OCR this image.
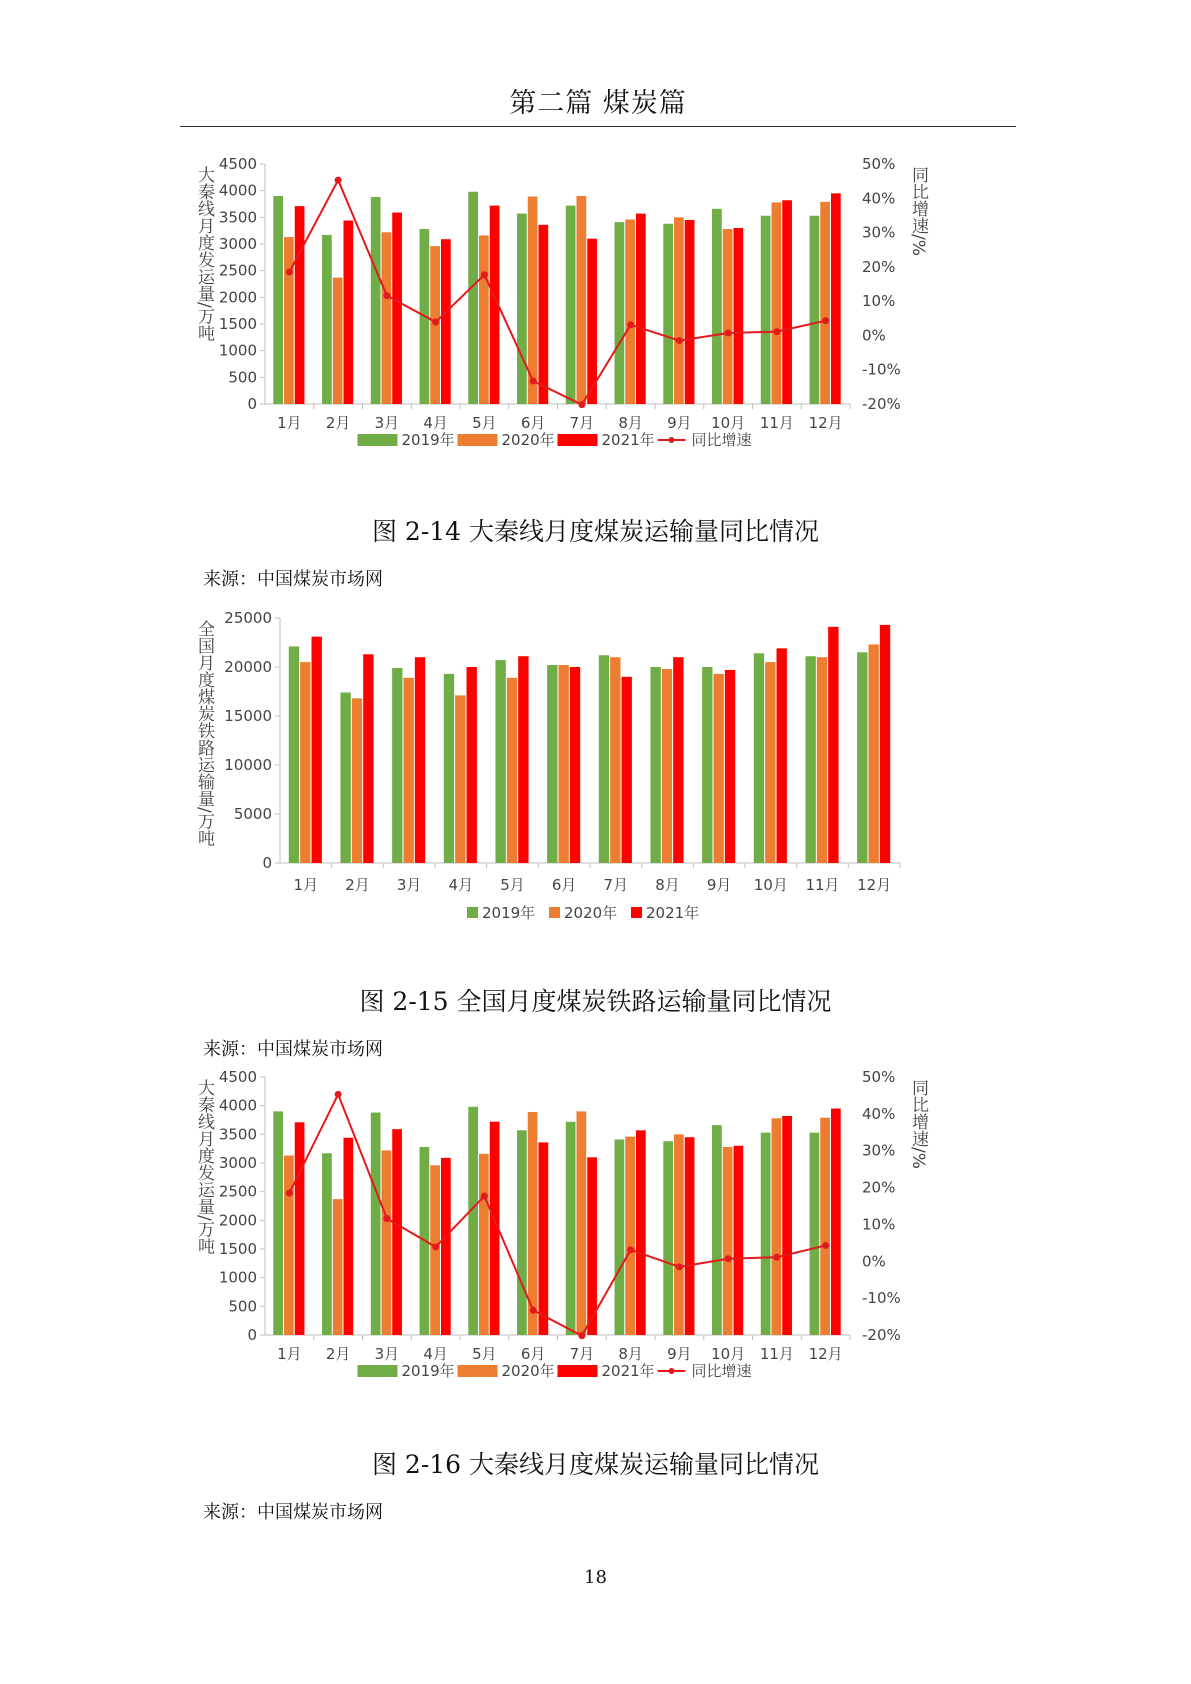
第二篇 煤炭篇
0
500
1000
1500
2000
2500
3000
3500
4000
4500
大秦线月度发运量/万吨
1月 2月 3月 4月 5月 6月 7月 8月 9月 10月 11月 12月
-20%
-10%
0%
10%
20%
30%
40%
50%
同比增速/%
2019年	2020年	2021年 同比增速
图 2-14 大秦线月度煤炭运输量同比情况
来源：中国煤炭市场网
0
5000
10000
15000
20000
25000
全国月度煤炭铁路运输量/万吨
1月 2月 3月 4月 5月 6月 7月 8月 9月 10月 11月 12月
2019年 2020年 2021年
图 2-15 全国月度煤炭铁路运输量同比情况
来源：中国煤炭市场网
0
500
1000
1500
2000
2500
3000
3500
4000
4500
大秦线月度发运量/万吨
1月 2月 3月 4月 5月 6月 7月 8月 9月 10月 11月 12月
-20%
-10%
0%
10%
20%
30%
40%
50%
同比增速/%
2019年	2020年	2021年 同比增速
图 2-16 大秦线月度煤炭运输量同比情况
来源：中国煤炭市场网
18
